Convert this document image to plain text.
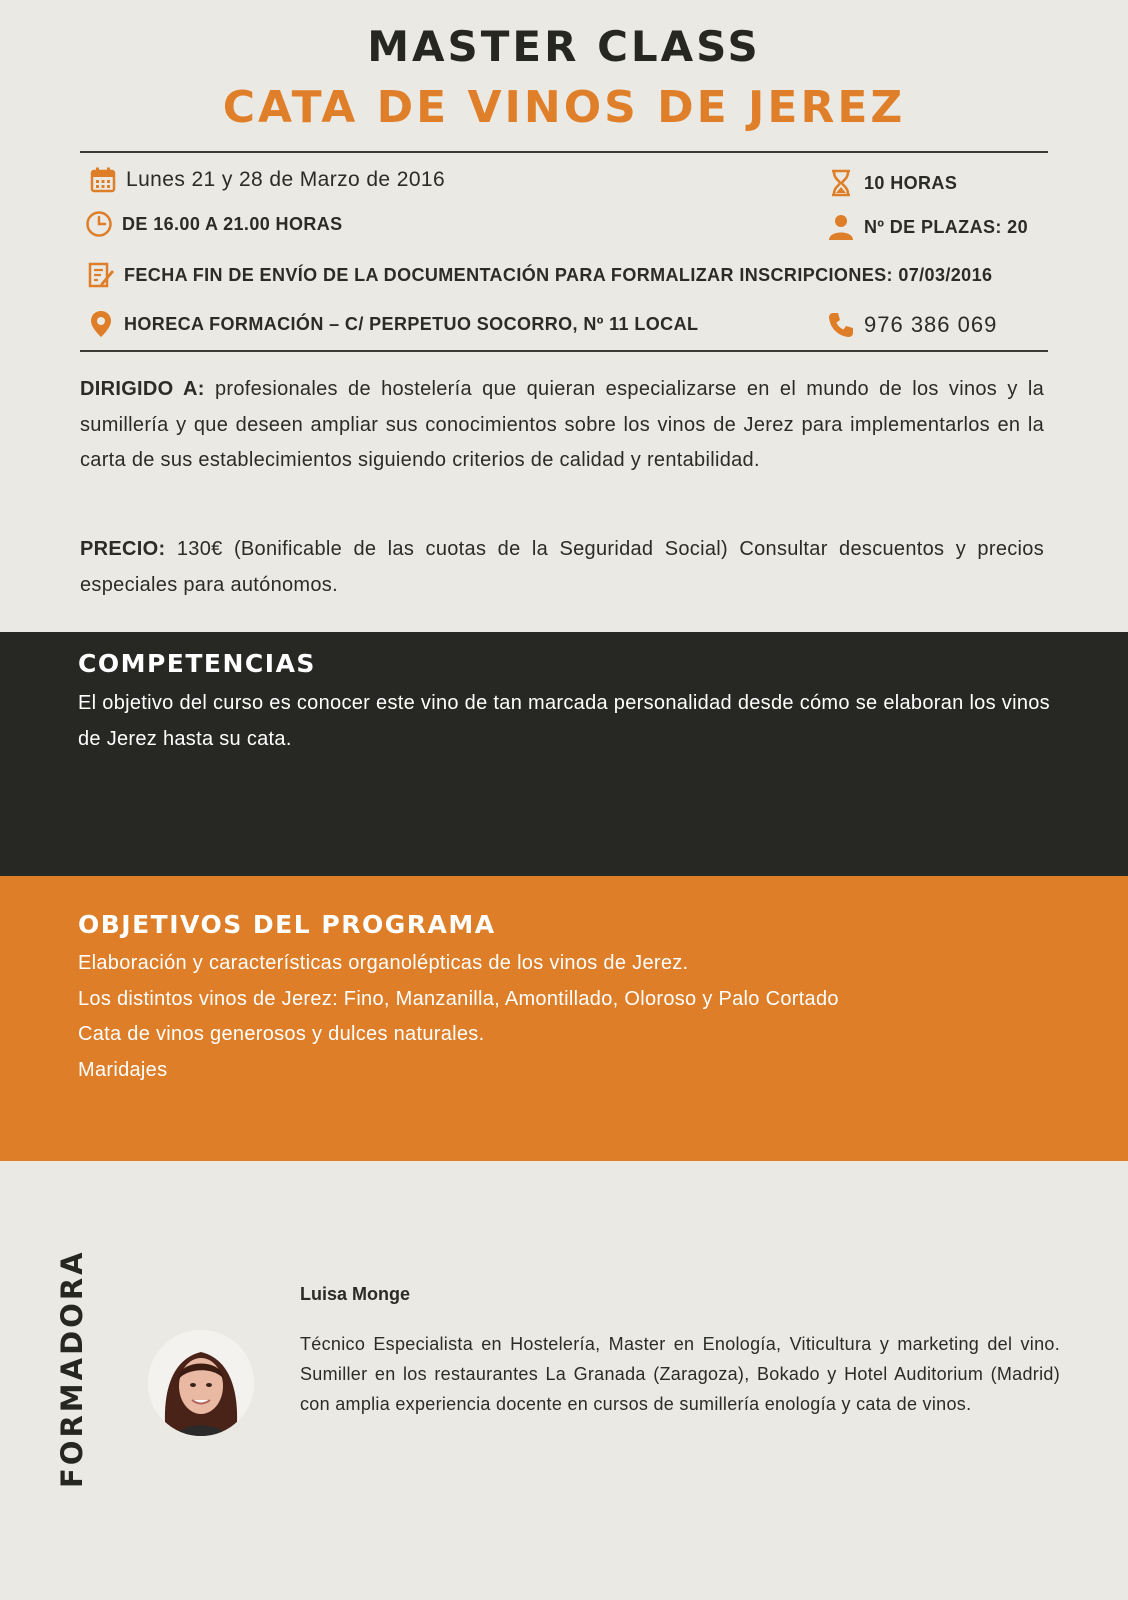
MASTER CLASS
CATA DE VINOS DE JEREZ
Lunes 21 y 28 de Marzo de 2016
DE 16.00 A 21.00 HORAS
10 HORAS
Nº DE PLAZAS: 20
FECHA FIN DE ENVÍO DE LA DOCUMENTACIÓN PARA FORMALIZAR INSCRIPCIONES: 07/03/2016
HORECA FORMACIÓN – C/ PERPETUO SOCORRO, Nº 11 LOCAL	976 386 069

DIRIGIDO A: profesionales de hostelería que quieran especializarse en el mundo de los vinos y la sumillería y que deseen ampliar sus conocimientos sobre los vinos de Jerez para implementarlos en la carta de sus establecimientos siguiendo criterios de calidad y rentabilidad.

PRECIO: 130€ (Bonificable de las cuotas de la Seguridad Social) Consultar descuentos y precios especiales para autónomos.

COMPETENCIAS

El objetivo del curso es conocer este vino de tan marcada personalidad desde cómo se elaboran los vinos de Jerez hasta su cata.

OBJETIVOS DEL PROGRAMA
Elaboración y características organolépticas de los vinos de Jerez.
Los distintos vinos de Jerez: Fino, Manzanilla, Amontillado, Oloroso y Palo Cortado
Cata de vinos generosos y dulces naturales.
Maridajes
FORMADORA	Luisa Monge

Técnico Especialista en Hostelería, Master en Enología, Viticultura y marketing del vino. Sumiller en los restaurantes La Granada (Zaragoza), Bokado y Hotel Auditorium (Madrid) con amplia experiencia docente en cursos de sumillería enología y cata de vinos.
